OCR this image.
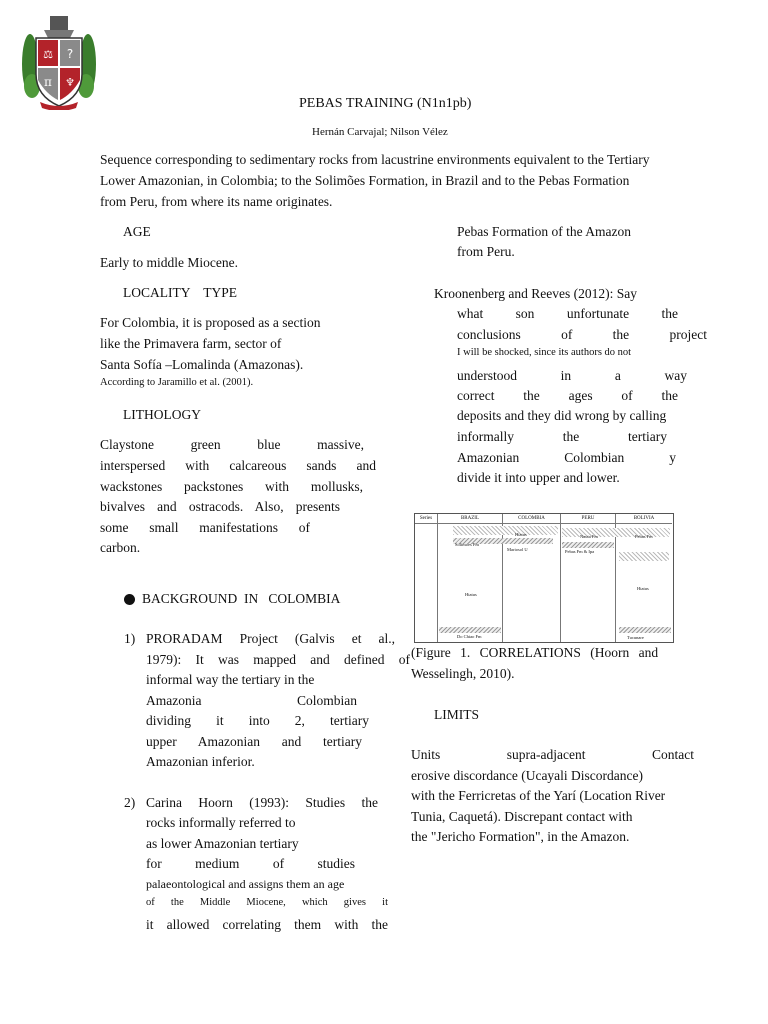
⚖ ?
π ♆
PEBAS TRAINING (N1n1pb)
Hernán Carvajal; Nilson Vélez
Sequence corresponding to sedimentary rocks from lacustrine environments equivalent to the Tertiary
Lower Amazonian, in Colombia; to the Solimões Formation, in Brazil and to the Pebas Formation
from Peru, from where its name originates.
AGE
Early to middle Miocene.
LOCALITY    TYPE
For Colombia, it is proposed as a section
like the Primavera farm, sector of
Santa Sofía –Lomalinda (Amazonas).
According to Jaramillo et al. (2001).
LITHOLOGY
Claystone green blue massive,
interspersed with calcareous sands and
wackstones packstones with mollusks,
bivalves and ostracods. Also, presents
some small manifestations of
carbon.
BACKGROUND  IN   COLOMBIA
1) PRORADAM Project (Galvis et al.,
1979): It was mapped and defined of
informal way the tertiary in the
Amazonia Colombian
dividing it into 2, tertiary
upper Amazonian and tertiary
Amazonian inferior.
2) Carina Hoorn (1993): Studies the
rocks informally referred to
as lower Amazonian tertiary
for medium of studies
palaeontological and assigns them an age
of the Middle Miocene, which gives it
it allowed correlating them with the
Pebas Formation of the Amazon
from Peru.
Kroonenberg and Reeves (2012): Say
what son unfortunate the
conclusions of the project
I will be shocked, since its authors do not
understood in a way
correct the ages of the
deposits and they did wrong by calling
informally the tertiary
Amazonian Colombian y
divide it into upper and lower.
Series	BRAZIL	COLOMBIA	PERU	BOLIVIA
Solimoes Fm
Hiatus
Mariosol U
Nauta Fm
Pebas Fm & Ipa
Pebas Fm
Hiatus
Hiatus
Do Chiao Fm	Tucunare
(Figure 1. CORRELATIONS (Hoorn and
Wesselingh, 2010).
LIMITS
Units supra-adjacent Contact
erosive discordance (Ucayali Discordance)
with the Ferricretas of the Yarí (Location River
Tunia, Caquetá). Discrepant contact with
the "Jericho Formation", in the Amazon.
